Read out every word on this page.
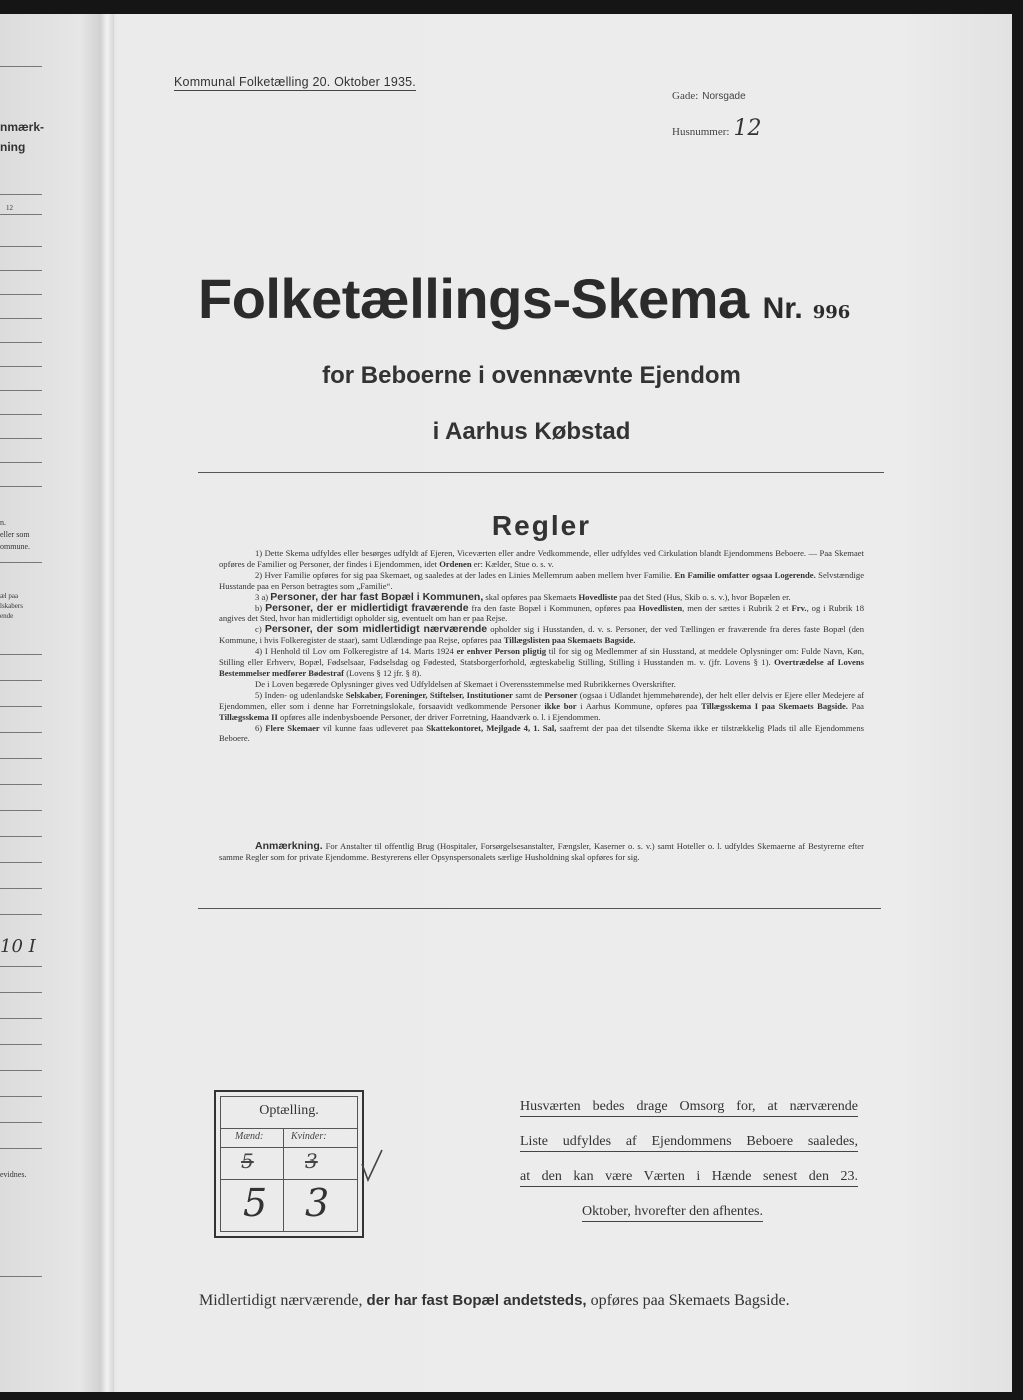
nmærk-
ning
12
n.
eller som
ommune.
æl paa
lskabers
ende
10 I
evidnes.
Kommunal Folketælling 20. Oktober 1935.
Gade: Norsgade
Husnummer: 12
Folketællings-Skema Nr. 996
for Beboerne i ovennævnte Ejendom
i Aarhus Købstad
Regler

1) Dette Skema udfyldes eller besørges udfyldt af Ejeren, Viceværten eller andre Vedkommende, eller udfyldes ved Cirkulation blandt Ejendommens Beboere. — Paa Skemaet opføres de Familier og Personer, der findes i Ejendommen, idet Ordenen er: Kælder, Stue o. s. v.

2) Hver Familie opføres for sig paa Skemaet, og saaledes at der lades en Linies Mellemrum aaben mellem hver Familie. En Familie omfatter ogsaa Logerende. Selvstændige Husstande paa en Person betragtes som „Familie“.

3 a) Personer, der har fast Bopæl i Kommunen, skal opføres paa Skemaets Hovedliste paa det Sted (Hus, Skib o. s. v.), hvor Bopælen er.

b) Personer, der er midlertidigt fraværende fra den faste Bopæl i Kommunen, opføres paa Hovedlisten, men der sættes i Rubrik 2 et Frv., og i Rubrik 18 angives det Sted, hvor han midlertidigt opholder sig, eventuelt om han er paa Rejse.

c) Personer, der som midlertidigt nærværende opholder sig i Husstanden, d. v. s. Personer, der ved Tællingen er fraværende fra deres faste Bopæl (den Kommune, i hvis Folkeregister de staar), samt Udlændinge paa Rejse, opføres paa Tillægslisten paa Skemaets Bagside.

4) I Henhold til Lov om Folkeregistre af 14. Marts 1924 er enhver Person pligtig til for sig og Medlemmer af sin Husstand, at meddele Oplysninger om: Fulde Navn, Køn, Stilling eller Erhverv, Bopæl, Fødselsaar, Fødselsdag og Fødested, Statsborgerforhold, ægteskabelig Stilling, Stilling i Husstanden m. v. (jfr. Lovens § 1). Overtrædelse af Lovens Bestemmelser medfører Bødestraf (Lovens § 12 jfr. § 8).

De i Loven begærede Oplysninger gives ved Udfyldelsen af Skemaet i Overensstemmelse med Rubrikkernes Overskrifter.

5) Inden- og udenlandske Selskaber, Foreninger, Stiftelser, Institutioner samt de Personer (ogsaa i Udlandet hjemmehørende), der helt eller delvis er Ejere eller Medejere af Ejendommen, eller som i denne har Forretningslokale, forsaavidt vedkommende Personer ikke bor i Aarhus Kommune, opføres paa Tillægsskema I paa Skemaets Bagside. Paa Tillægsskema II opføres alle indenbysboende Personer, der driver Forretning, Haandværk o. l. i Ejendommen.

6) Flere Skemaer vil kunne faas udleveret paa Skattekontoret, Mejlgade 4, 1. Sal, saafremt der paa det tilsendte Skema ikke er tilstrækkelig Plads til alle Ejendommens Beboere.

Anmærkning. For Anstalter til offentlig Brug (Hospitaler, Forsørgelsesanstalter, Fængsler, Kaserner o. s. v.) samt Hoteller o. l. udfyldes Skemaerne af Bestyrerne efter samme Regler som for private Ejendomme. Bestyrerens eller Opsynspersonalets særlige Husholdning skal opføres for sig.
Optælling.
Mænd:	Kvinder:
5	3
5 3
Husværten bedes drage Omsorg for, at nærværende
Liste udfyldes af Ejendommens Beboere saaledes,
at den kan være Værten i Hænde senest den 23.
Oktober, hvorefter den afhentes.
Midlertidigt nærværende, der har fast Bopæl andetsteds, opføres paa Skemaets Bagside.
